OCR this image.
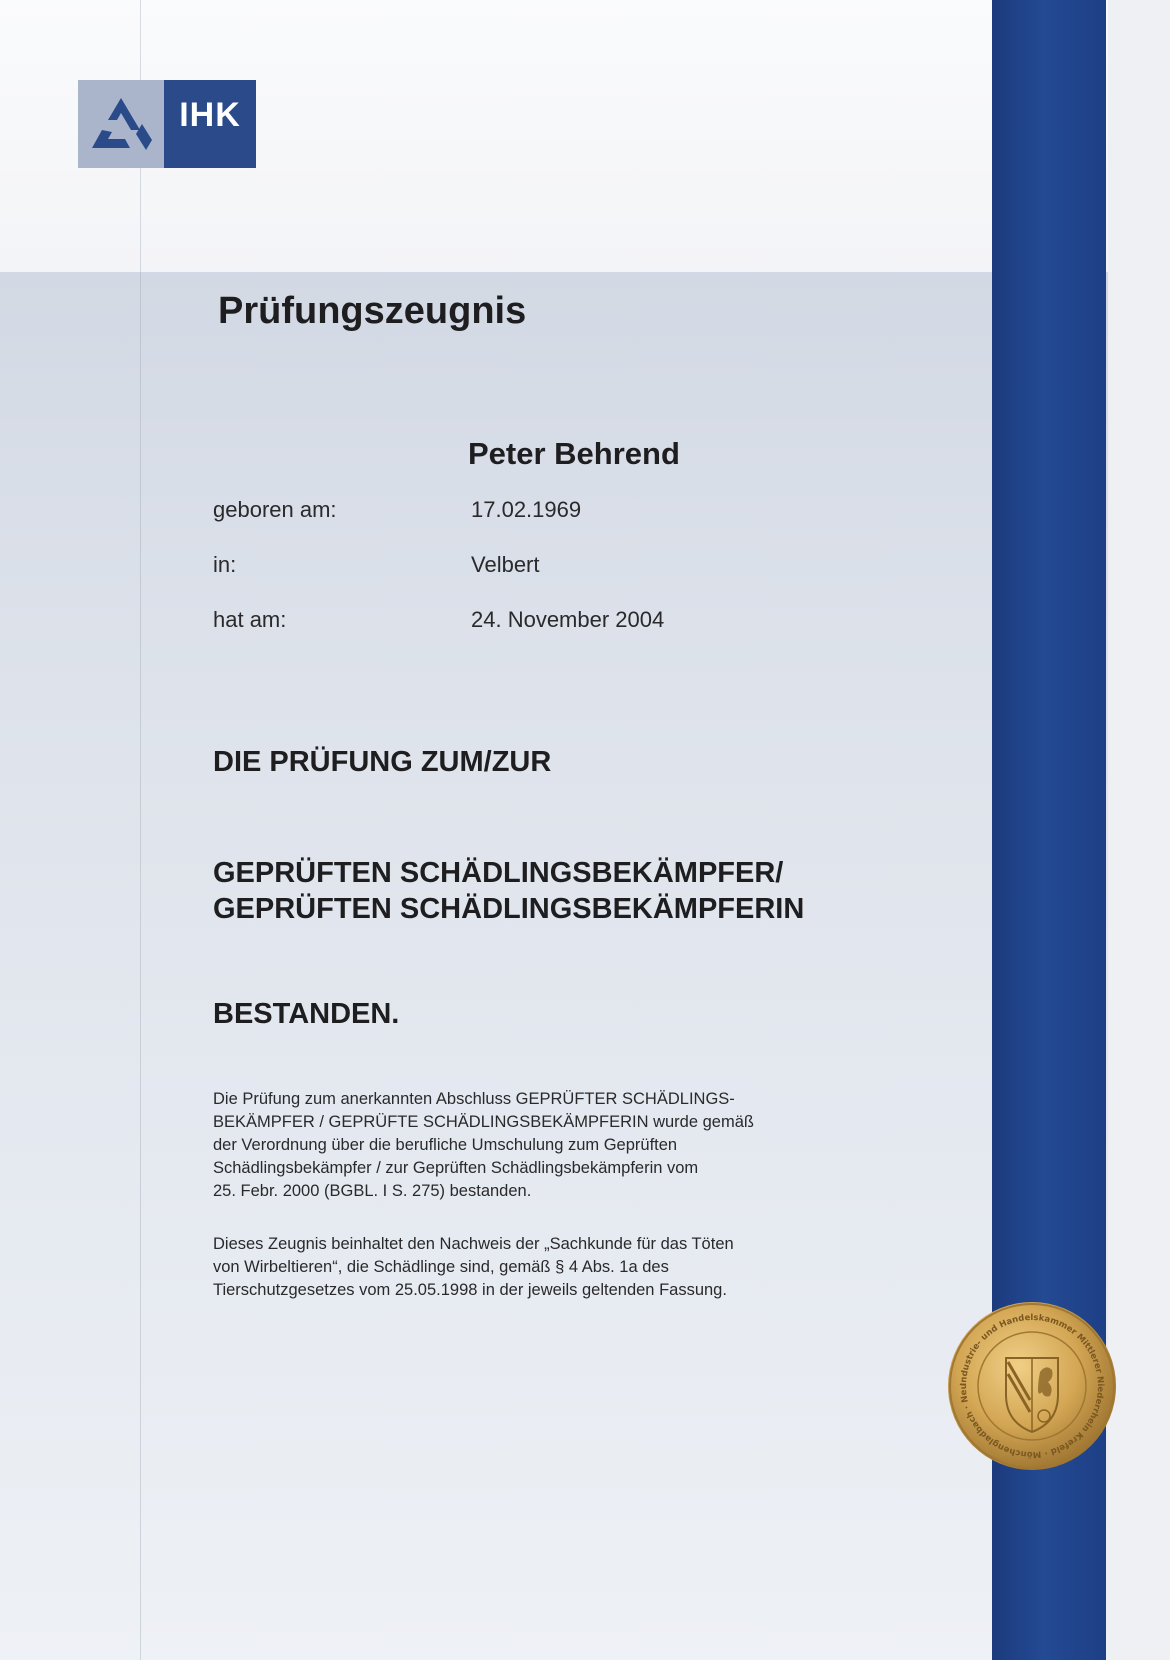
IHK
Prüfungszeugnis
Peter Behrend
geboren am:	17.02.1969
in:	Velbert
hat am:	24. November 2004
DIE PRÜFUNG ZUM/ZUR
GEPRÜFTEN SCHÄDLINGSBEKÄMPFER/
GEPRÜFTEN SCHÄDLINGSBEKÄMPFERIN
BESTANDEN.
Die Prüfung zum anerkannten Abschluss GEPRÜFTER SCHÄDLINGS-
BEKÄMPFER / GEPRÜFTE SCHÄDLINGSBEKÄMPFERIN wurde gemäß
der Verordnung über die berufliche Umschulung zum Geprüften
Schädlingsbekämpfer / zur Geprüften Schädlingsbekämpferin vom
25. Febr. 2000 (BGBL. I S. 275) bestanden.
Dieses Zeugnis beinhaltet den Nachweis der „Sachkunde für das Töten
von Wirbeltieren“, die Schädlinge sind, gemäß § 4 Abs. 1a des
Tierschutzgesetzes vom 25.05.1998 in der jeweils geltenden Fassung.
Industrie- und Handelskammer Mittlerer Niederrhein Krefeld · Mönchengladbach · Neu
